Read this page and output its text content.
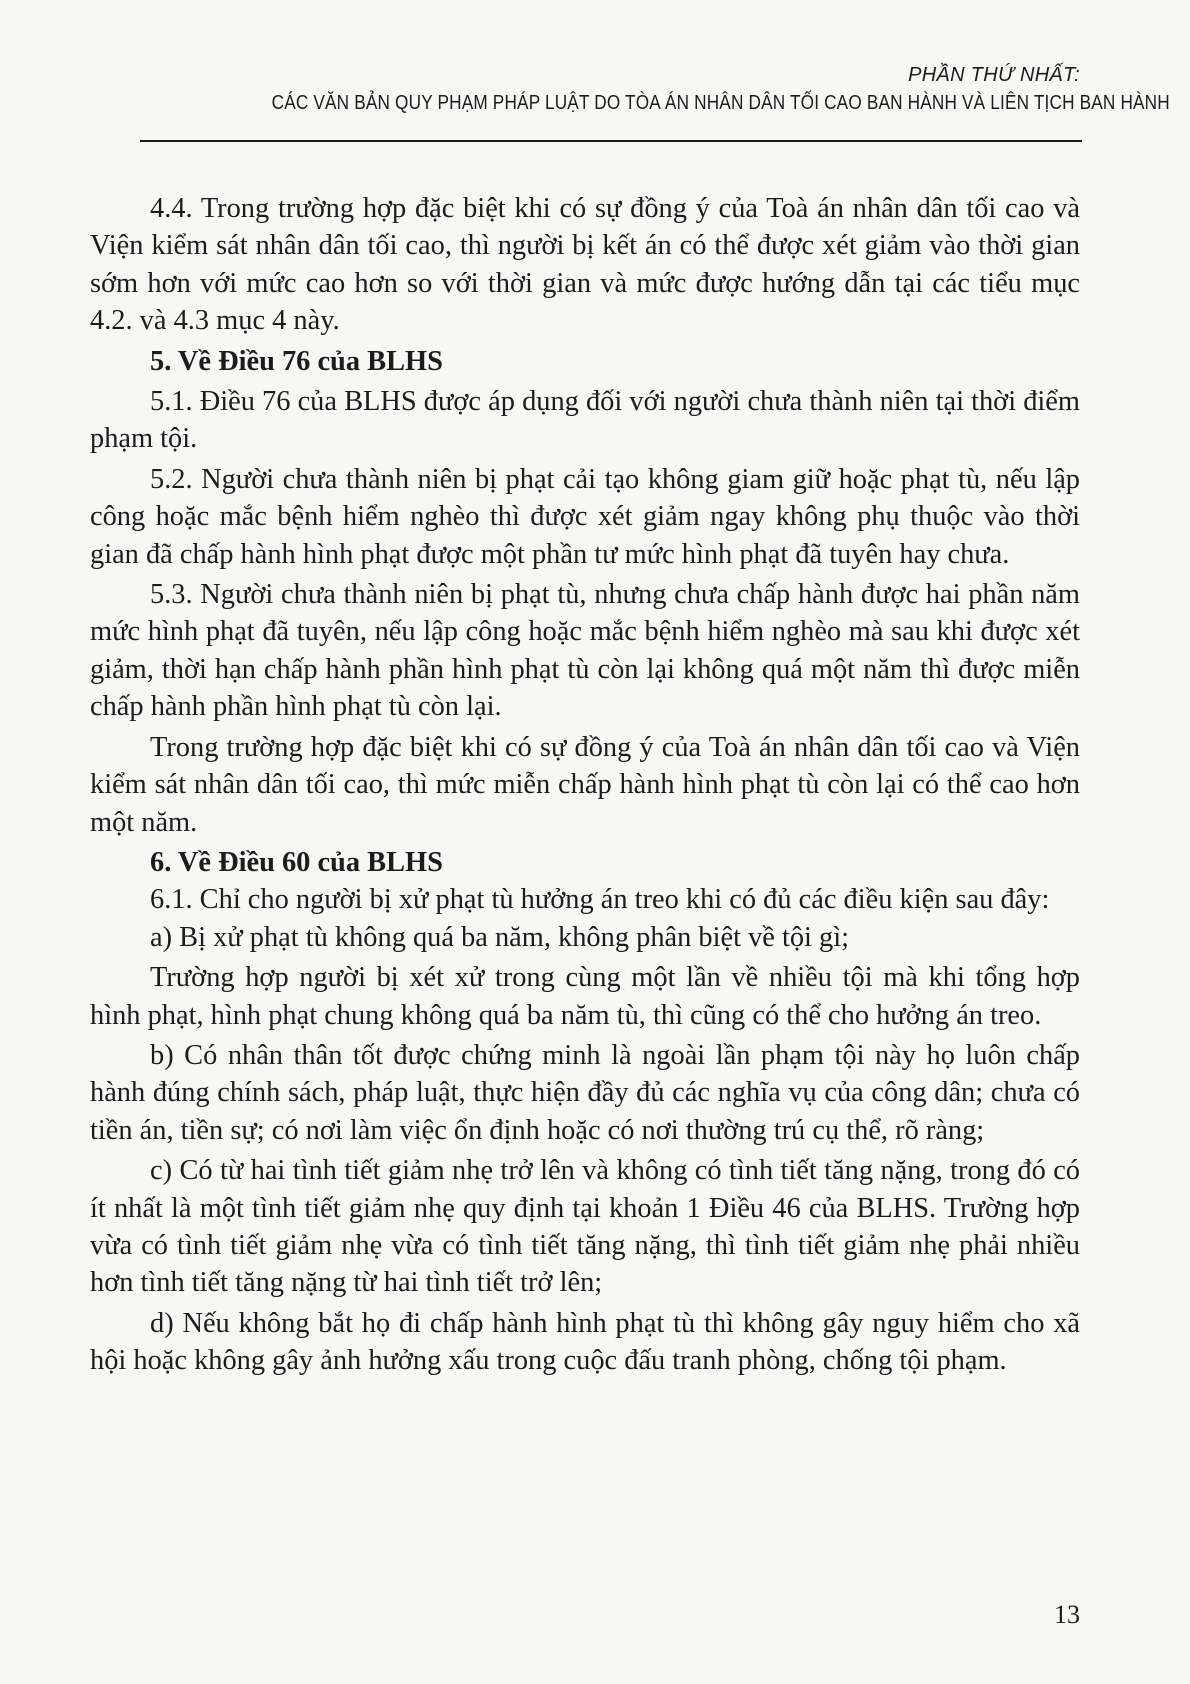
PHẦN THỨ NHẤT:
CÁC VĂN BẢN QUY PHẠM PHÁP LUẬT DO TÒA ÁN NHÂN DÂN TỐI CAO BAN HÀNH VÀ LIÊN TỊCH BAN HÀNH

4.4. Trong trường hợp đặc biệt khi có sự đồng ý của Toà án nhân dân tối cao và Viện kiểm sát nhân dân tối cao, thì người bị kết án có thể được xét giảm vào thời gian sớm hơn với mức cao hơn so với thời gian và mức được hướng dẫn tại các tiểu mục 4.2. và 4.3 mục 4 này.

5. Về Điều 76 của BLHS

5.1. Điều 76 của BLHS được áp dụng đối với người chưa thành niên tại thời điểm phạm tội.

5.2. Người chưa thành niên bị phạt cải tạo không giam giữ hoặc phạt tù, nếu lập công hoặc mắc bệnh hiểm nghèo thì được xét giảm ngay không phụ thuộc vào thời gian đã chấp hành hình phạt được một phần tư mức hình phạt đã tuyên hay chưa.

5.3. Người chưa thành niên bị phạt tù, nhưng chưa chấp hành được hai phần năm mức hình phạt đã tuyên, nếu lập công hoặc mắc bệnh hiểm nghèo mà sau khi được xét giảm, thời hạn chấp hành phần hình phạt tù còn lại không quá một năm thì được miễn chấp hành phần hình phạt tù còn lại.

Trong trường hợp đặc biệt khi có sự đồng ý của Toà án nhân dân tối cao và Viện kiểm sát nhân dân tối cao, thì mức miễn chấp hành hình phạt tù còn lại có thể cao hơn một năm.

6. Về Điều 60 của BLHS

6.1. Chỉ cho người bị xử phạt tù hưởng án treo khi có đủ các điều kiện sau đây:

a) Bị xử phạt tù không quá ba năm, không phân biệt về tội gì;

Trường hợp người bị xét xử trong cùng một lần về nhiều tội mà khi tổng hợp hình phạt, hình phạt chung không quá ba năm tù, thì cũng có thể cho hưởng án treo.

b) Có nhân thân tốt được chứng minh là ngoài lần phạm tội này họ luôn chấp hành đúng chính sách, pháp luật, thực hiện đầy đủ các nghĩa vụ của công dân; chưa có tiền án, tiền sự; có nơi làm việc ổn định hoặc có nơi thường trú cụ thể, rõ ràng;

c) Có từ hai tình tiết giảm nhẹ trở lên và không có tình tiết tăng nặng, trong đó có ít nhất là một tình tiết giảm nhẹ quy định tại khoản 1 Điều 46 của BLHS. Trường hợp vừa có tình tiết giảm nhẹ vừa có tình tiết tăng nặng, thì tình tiết giảm nhẹ phải nhiều hơn tình tiết tăng nặng từ hai tình tiết trở lên;

d) Nếu không bắt họ đi chấp hành hình phạt tù thì không gây nguy hiểm cho xã hội hoặc không gây ảnh hưởng xấu trong cuộc đấu tranh phòng, chống tội phạm.

13
